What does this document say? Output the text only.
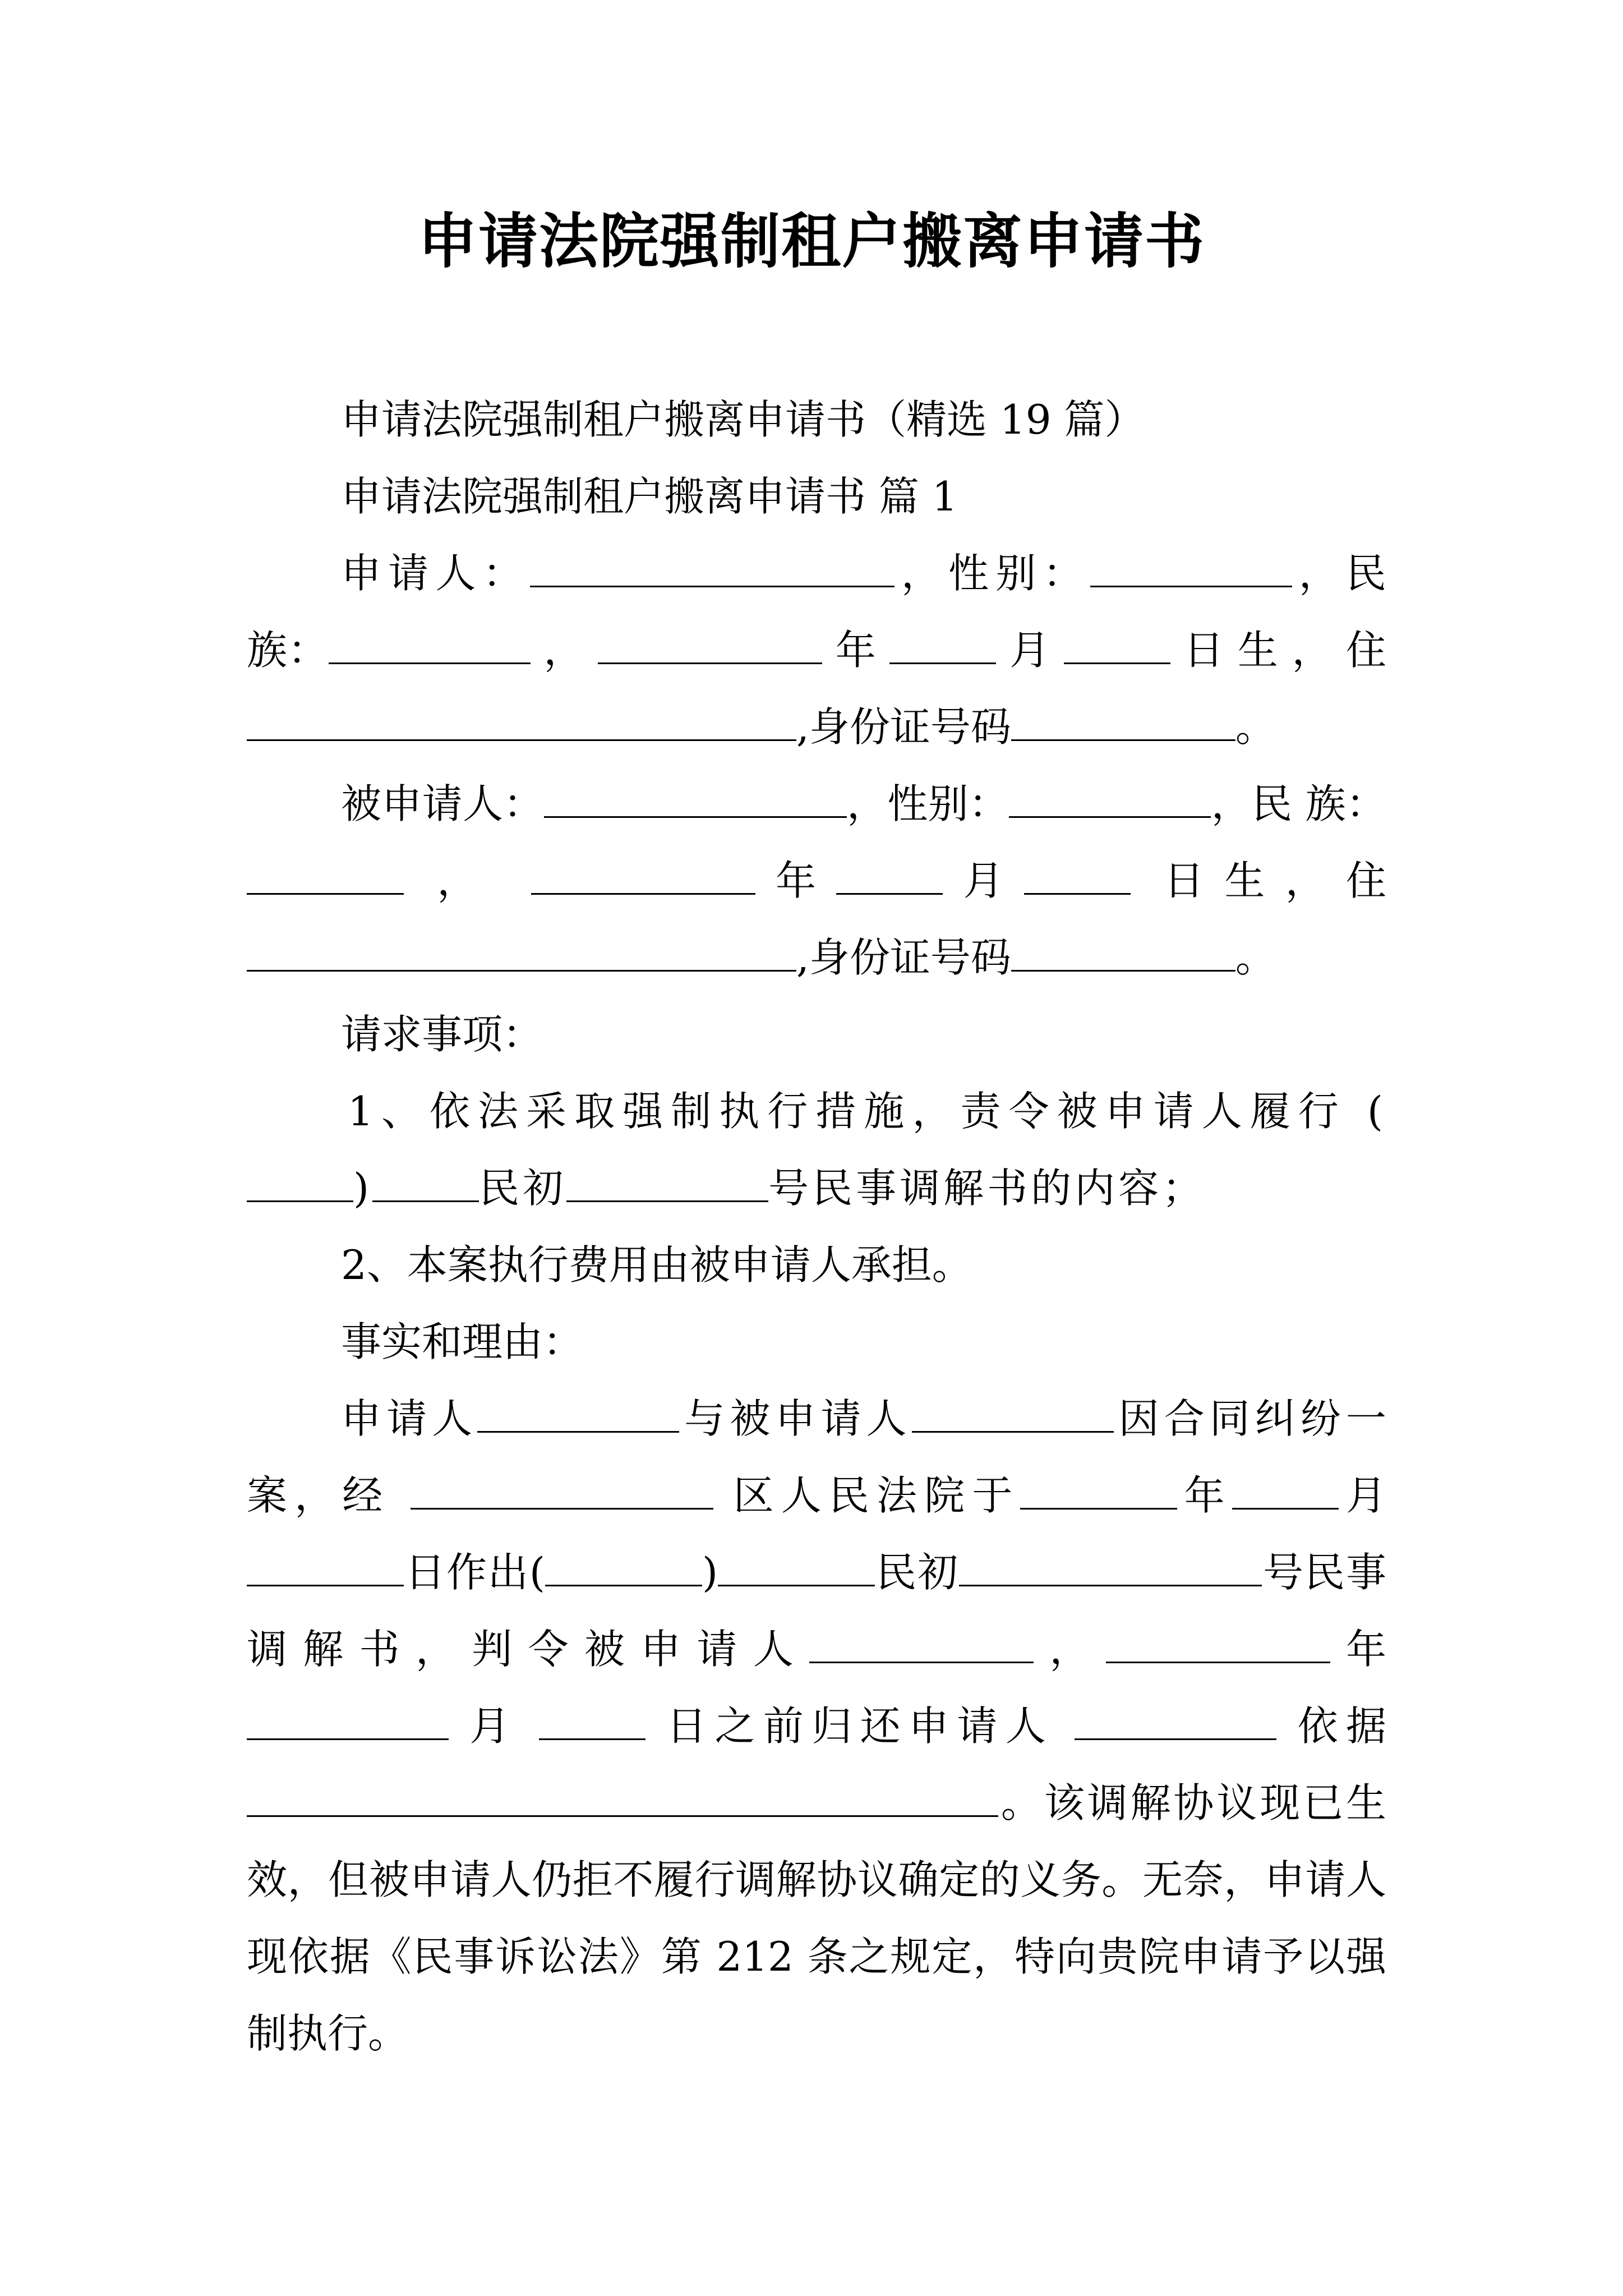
申请法院强制租户搬离申请书

申请法院强制租户搬离申请书（精选 19 篇）

申请法院强制租户搬离申请书 篇 1

申请人：	，性别：	，民族：	，	年	月	日 生 ， 住 ,身份证号码	。

被申请人：	，性别：	，民 族：  ，	年	月	日生，住 ,身份证号码	。

请求事项：

1、依法采取强制执行措施，责令被申请人履行 ()	民初	号民事调解书的内容；

2、本案执行费用由被申请人承担。

事实和理由：

申请人	与被申请人	因合同纠纷一案，经	区人民法院于	年	月 日作出(	)	民初	号民事调解书，判令被申请人	，	年  月	日之前归还申请人	依据 。该调解协议现已生效，但被申请人仍拒不履行调解协议确定的义务。无奈，申请人现依据《民事诉讼法》第 212 条之规定，特向贵院申请予以强制执行。
